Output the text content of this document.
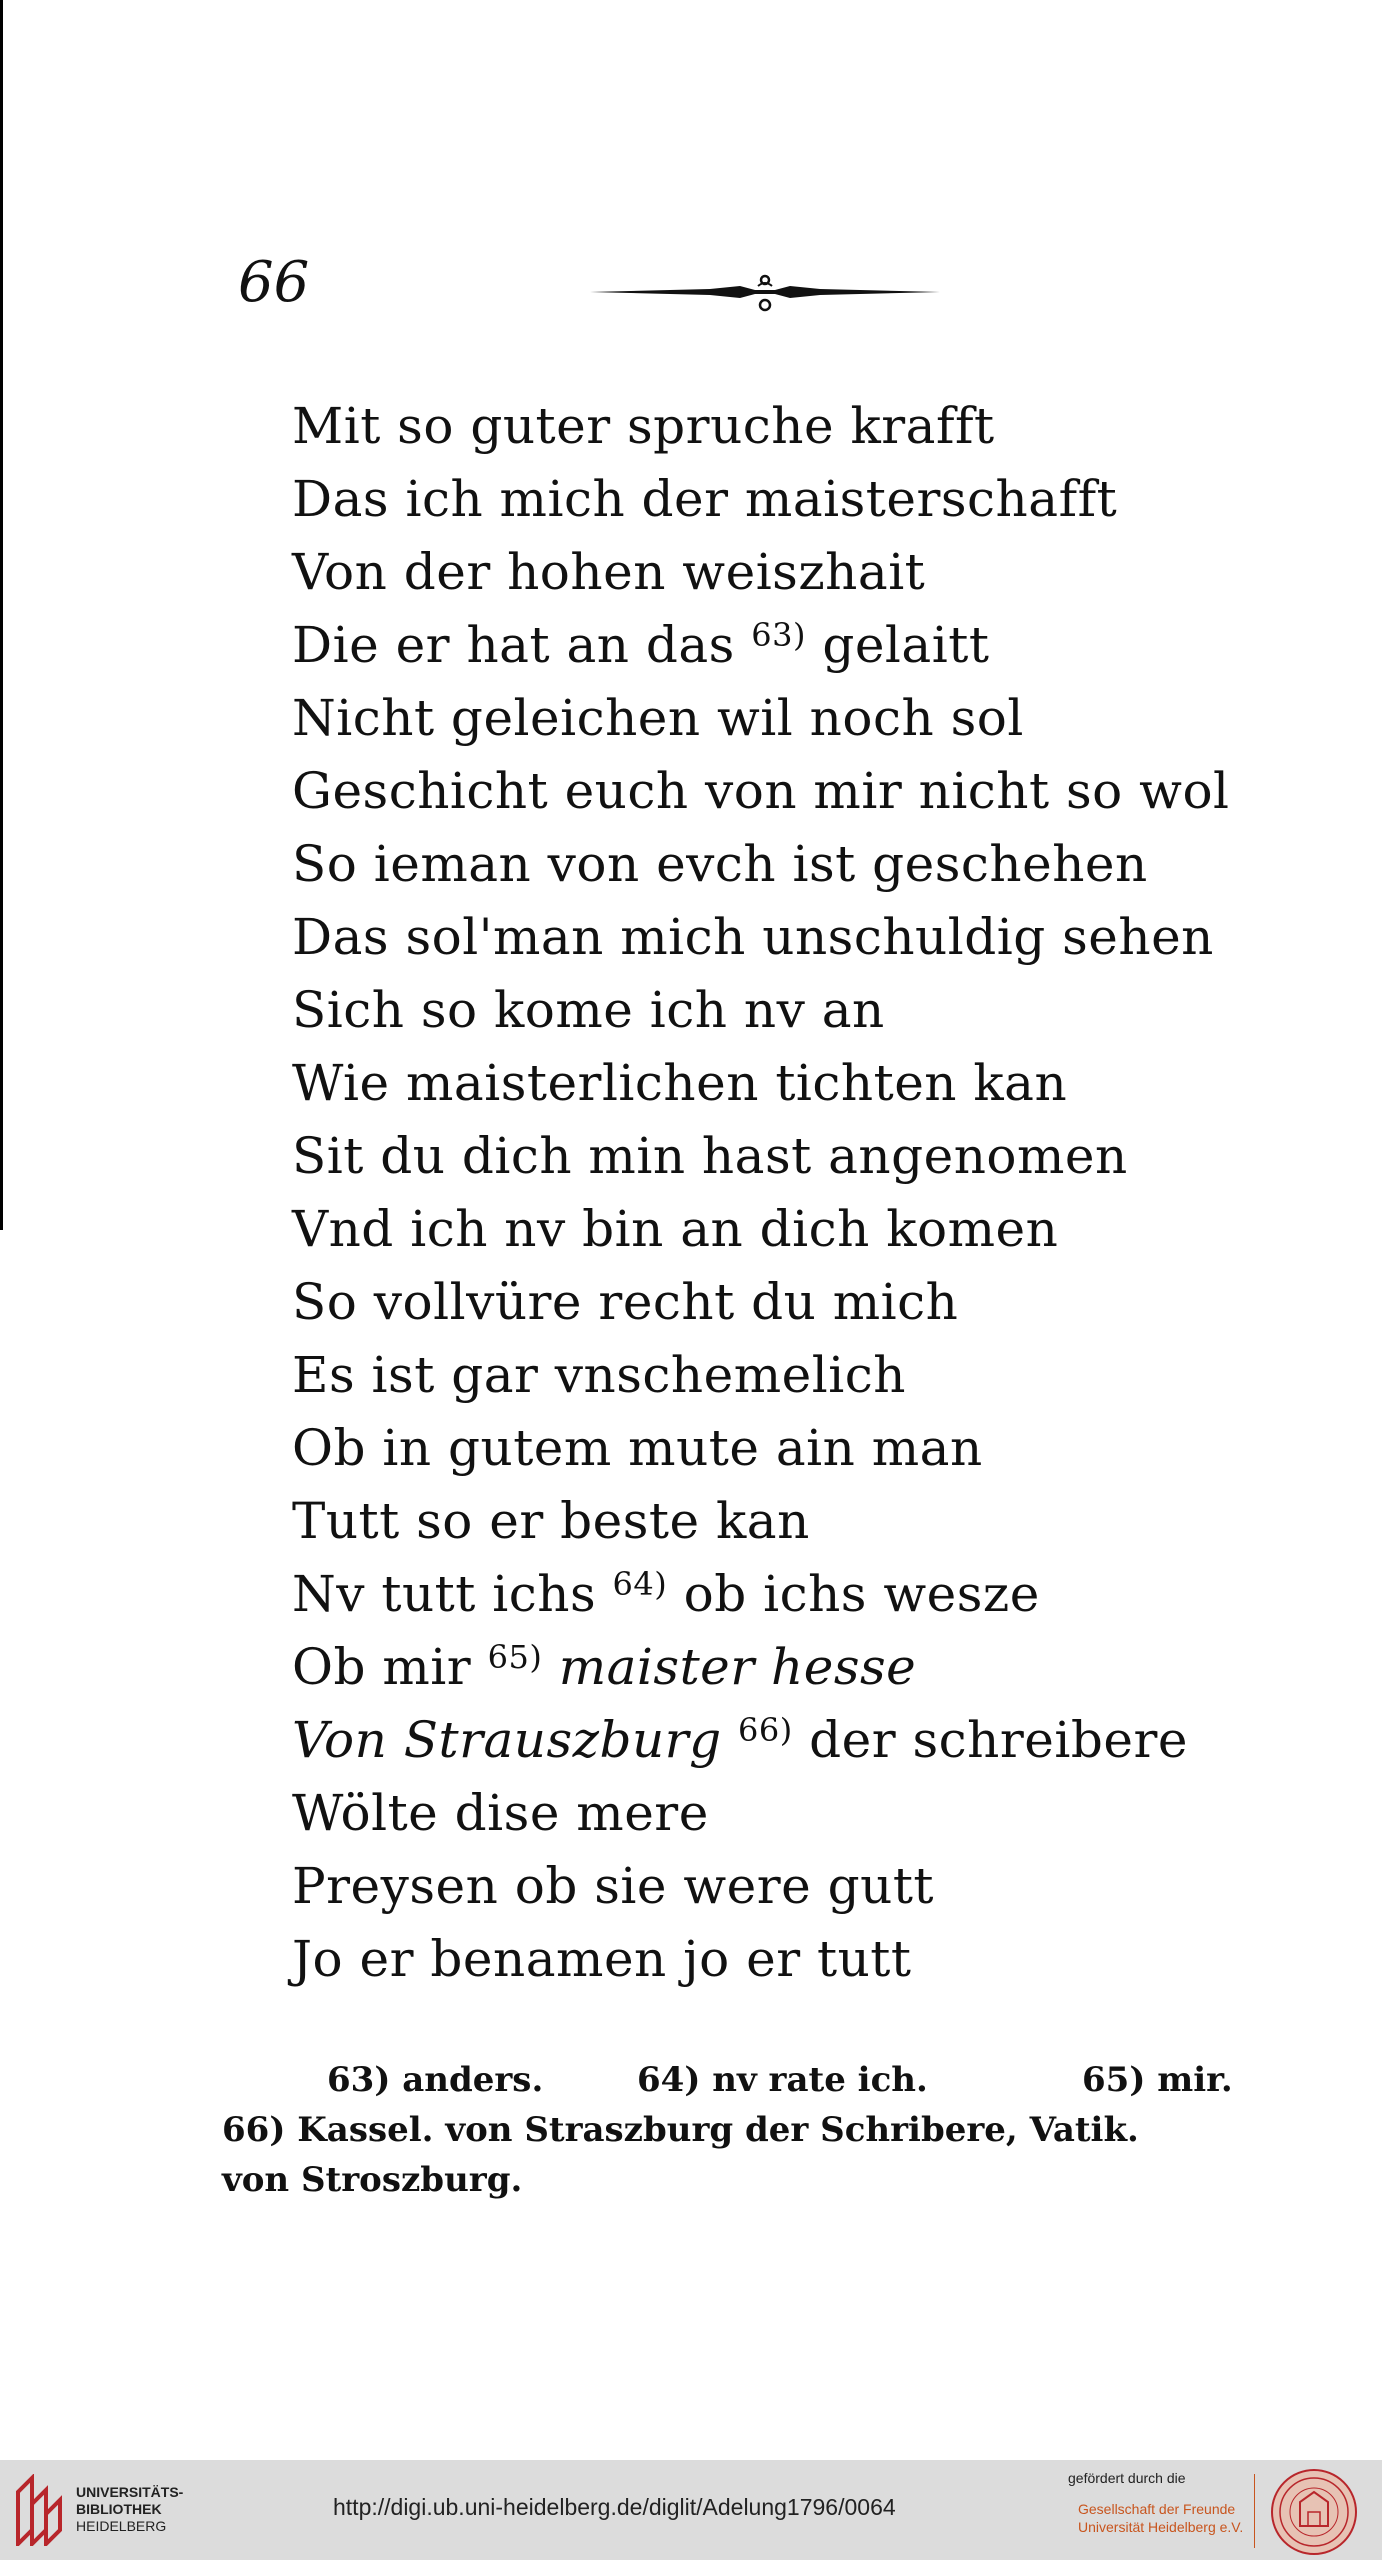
66
Mit so guter spruche krafft
Das ich mich der maisterschafft
Von der hohen weiszhait
Die er hat an das $^{63)}$ gelaitt
Nicht geleichen wil noch sol
Geschicht euch von mir nicht so wol
So ieman von evch ist geschehen
Das sol'man mich unschuldig sehen
Sich so kome ich nv an
Wie maisterlichen tichten kan
Sit du dich min hast angenomen
Vnd ich nv bin an dich komen
So vollvüre recht du mich
Es ist gar vnschemelich
Ob in gutem mute ain man
Tutt so er beste kan
Nv tutt ichs $^{64)}$ ob ichs wesze
Ob mir $^{65)}$ maister hesse
Von Strauszburg $^{66)}$ der schreibere
Wölte dise mere
Preysen ob sie were gutt
Jo er benamen jo er tutt
63) anders.	64) nv rate ich.	65) mir.
66) Kassel. von Straszburg der Schribere, Vatik.
von Stroszburg.
UNIVERSITÄTS-
BIBLIOTHEK
HEIDELBERG
http://digi.ub.uni-heidelberg.de/diglit/Adelung1796/0064
gefördert durch die
Gesellschaft der Freunde
Universität Heidelberg e.V.
